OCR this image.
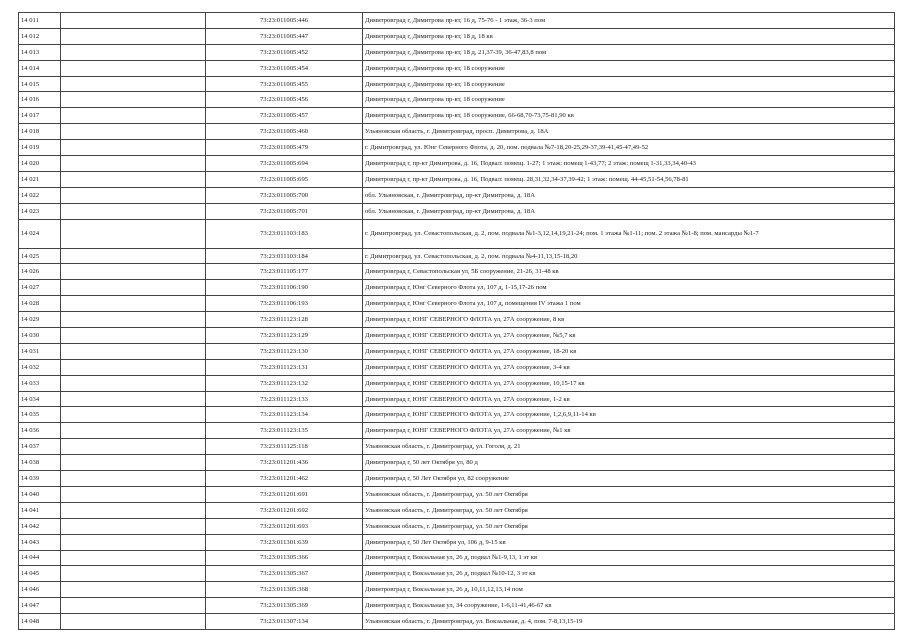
14 011		73:23:011005:446	Димитровград г, Димитрова пр-кт, 16 д, 75-76 - 1 этаж, 36-3 пом
14 012		73:23:011005:447	Димитровград г, Димитрова пр-кт, 18 д, 18 кв
14 013		73:23:011005:452	Димитровград г, Димитрова пр-кт, 18 д, 21,37-39, 36-47,83,8 пом
14 014		73:23:011005:454	Димитровград г, Димитрова пр-кт, 18 сооружение
14 015		73:23:011005:455	Димитровград г, Димитрова пр-кт, 18 сооружение
14 016		73:23:011005:456	Димитровград г, Димитрова пр-кт, 18 сооружение
14 017		73:23:011005:457	Димитровград г, Димитрова пр-кт, 18 сооружение, 66-68,70-73,75-81,90 кв
14 018		73:23:011005:460	Ульяновская область, г. Димитровград, просп. Димитрова, д. 18А
14 019		73:23:011005:479	г. Димитровград, ул. Юнг Северного Флота, д. 20, пом. подвала №7-18,20-25,29-37,39-41,45-47,49-52
14 020		73:23:011005:694	Димитровград г, пр-кт Димитрова, д. 16, Подвал: помещ. 1-27; 1 этаж: помещ 1-43,77; 2 этаж: помещ 1-31,33,34,40-43
14 021		73:23:011005:695	Димитровград г, пр-кт Димитрова, д. 16, Подвал: помещ. 28,31,32,34-37,39-42; 1 этаж: помещ. 44-45,51-54,56,78-81
14 022		73:23:011005:700	обл. Ульяновская, г. Димитровград, пр-кт Димитрова, д. 18А
14 023		73:23:011005:701	обл. Ульяновская, г. Димитровград, пр-кт Димитрова, д. 18А
14 024		73:23:011103:183	г. Димитровград, ул. Севастопольская, д. 2, пом. подвала №1-3,12,14,19,21-24; пом. 1 этажа №1-11; пом. 2 этажа №1-8; пом. мансарды №1-7
14 025		73:23:011103:184	г. Димитровград, ул. Севастопольская, д. 2, пом. подвала №4-11,13,15-18,20
14 026		73:23:011105:177	Димитровград г, Севастопольская ул, 5Б сооружение, 21-26, 31-48 кв
14 027		73:23:011106:190	Димитровград г, Юнг Северного Флота ул, 107 д, 1-15,17-26 пом
14 028		73:23:011106:193	Димитровград г, Юнг Северного Флота ул, 107 д, помещения IV этажа 1 пом
14 029		73:23:011123:128	Димитровград г, ЮНГ СЕВЕРНОГО ФЛОТА ул, 27А сооружение, 8 кв
14 030		73:23:011123:129	Димитровград г, ЮНГ СЕВЕРНОГО ФЛОТА ул, 27А сооружение, №5,7 кв
14 031		73:23:011123:130	Димитровград г, ЮНГ СЕВЕРНОГО ФЛОТА ул, 27А сооружение, 18-20 кв
14 032		73:23:011123:131	Димитровград г, ЮНГ СЕВЕРНОГО ФЛОТА ул, 27А сооружение, 3-4 кв
14 033		73:23:011123:132	Димитровград г, ЮНГ СЕВЕРНОГО ФЛОТА ул, 27А сооружение, 10,15-17 кв
14 034		73:23:011123:133	Димитровград г, ЮНГ СЕВЕРНОГО ФЛОТА ул, 27А сооружение, 1-2 кв
14 035		73:23:011123:134	Димитровград г, ЮНГ СЕВЕРНОГО ФЛОТА ул, 27А сооружение, 1,2,6,9,11-14 кв
14 036		73:23:011123:135	Димитровград г, ЮНГ СЕВЕРНОГО ФЛОТА ул, 27А сооружение, №1 кв
14 037		73:23:011125:118	Ульяновская область, г. Димитровград, ул. Гоголя, д. 21
14 038		73:23:011201:436	Димитровград г, 50 лет Октября ул, 80 д
14 039		73:23:011201:462	Димитровград г, 50 Лет Октября ул, 82 сооружение
14 040		73:23:011201:691	Ульяновская область, г. Димитровград, ул. 50 лет Октября
14 041		73:23:011201:692	Ульяновская область, г. Димитровград, ул. 50 лет Октября
14 042		73:23:011201:693	Ульяновская область, г. Димитровград, ул. 50 лет Октября
14 043		73:23:011301:639	Димитровград г, 50 Лет Октября ул, 106 д, 9-15 кв
14 044		73:23:011305:366	Димитровград г, Вокзальная ул, 26 д, подвал №1-9,13, 1 эт кв
14 045		73:23:011305:367	Димитровград г, Вокзальная ул, 26 д, подвал №10-12, 3 эт кв
14 046		73:23:011305:368	Димитровград г, Вокзальная ул, 26 д, 10,11,12,13,14 пом
14 047		73:23:011305:369	Димитровград г, Вокзальная ул, 34 сооружение, 1-6,11-41,46-67 кв
14 048		73:23:011307:134	Ульяновская область, г. Димитровград, ул. Вокзальная, д. 4, пом. 7-8,13,15-19
